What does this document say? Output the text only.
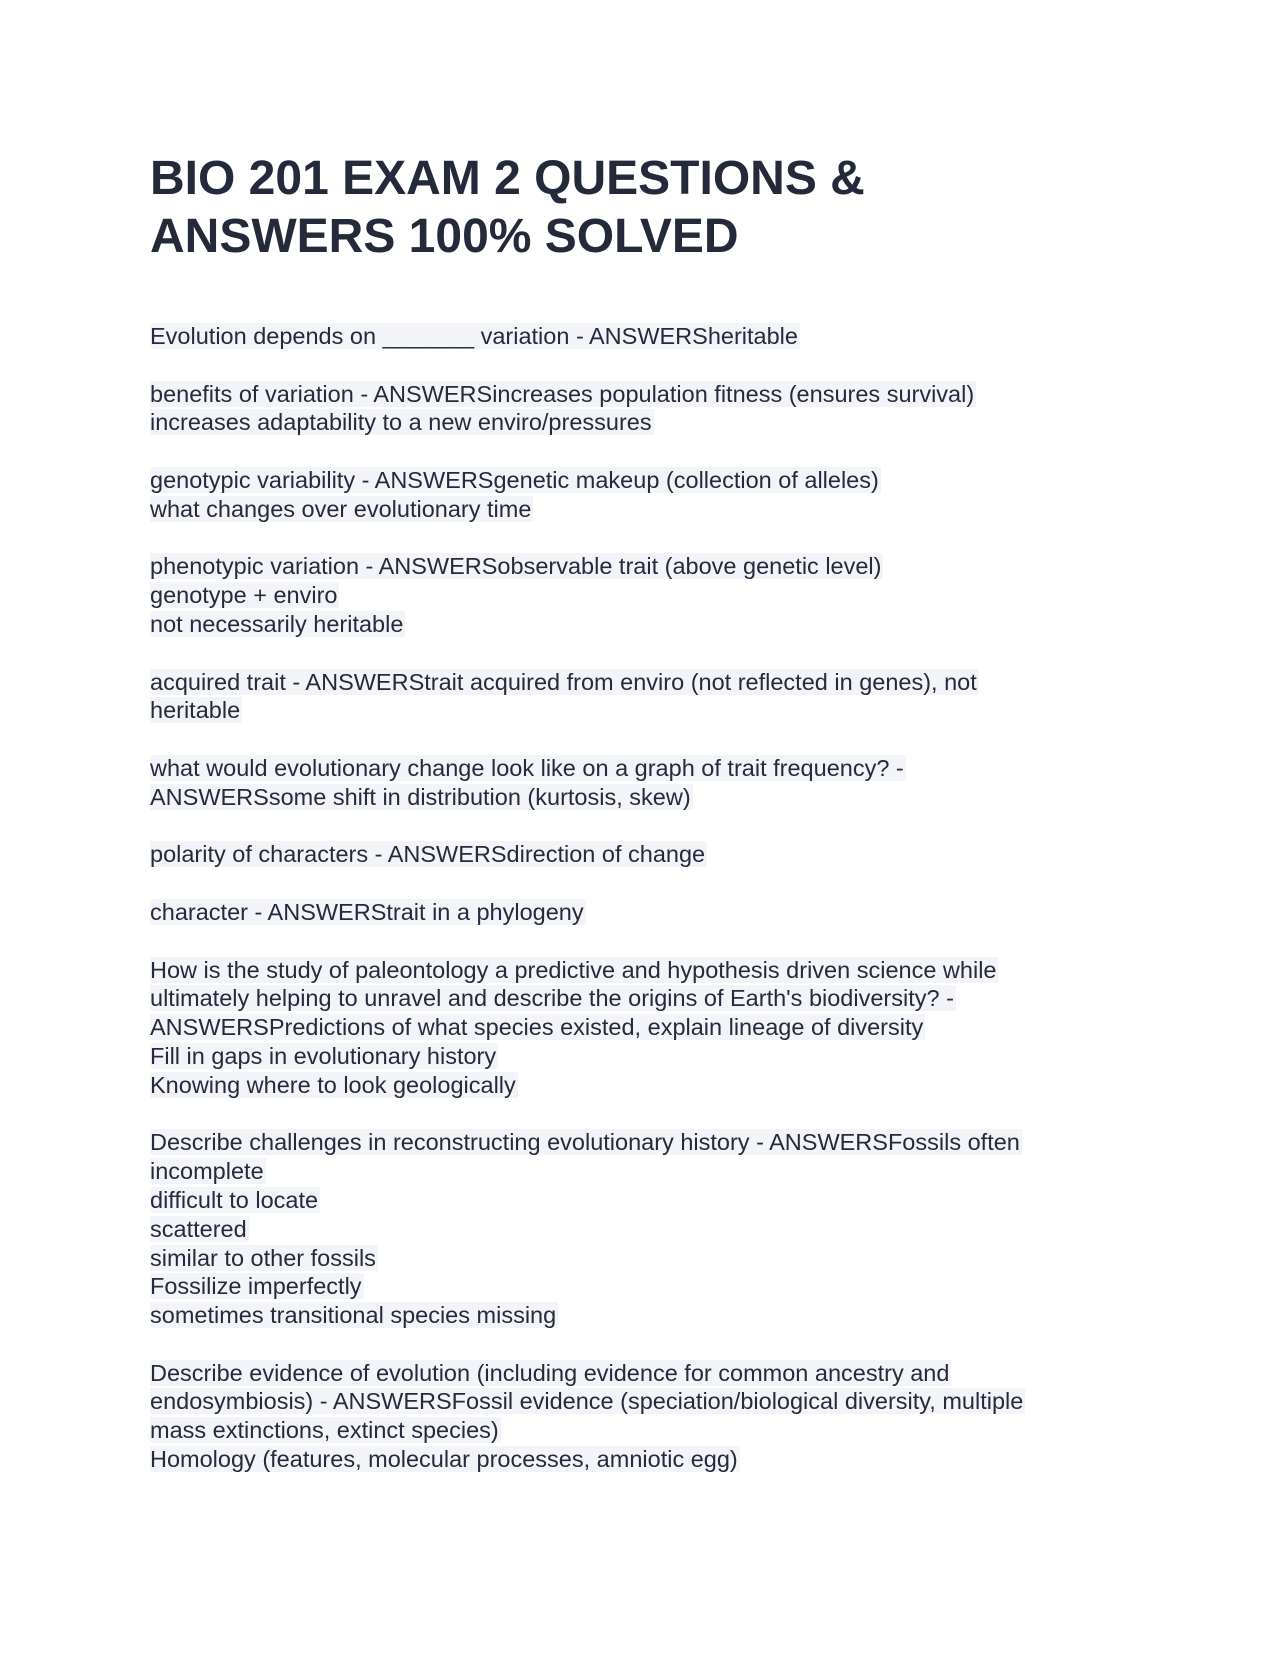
BIO 201 EXAM 2 QUESTIONS &
ANSWERS 100% SOLVED
Evolution depends on _______ variation - ANSWERSheritable
benefits of variation - ANSWERSincreases population fitness (ensures survival)
increases adaptability to a new enviro/pressures
genotypic variability - ANSWERSgenetic makeup (collection of alleles)
what changes over evolutionary time
phenotypic variation - ANSWERSobservable trait (above genetic level)
genotype + enviro
not necessarily heritable
acquired trait - ANSWERStrait acquired from enviro (not reflected in genes), not
heritable
what would evolutionary change look like on a graph of trait frequency? -
ANSWERSsome shift in distribution (kurtosis, skew)
polarity of characters - ANSWERSdirection of change
character - ANSWERStrait in a phylogeny
How is the study of paleontology a predictive and hypothesis driven science while
ultimately helping to unravel and describe the origins of Earth's biodiversity? -
ANSWERSPredictions of what species existed, explain lineage of diversity
Fill in gaps in evolutionary history
Knowing where to look geologically
Describe challenges in reconstructing evolutionary history - ANSWERSFossils often
incomplete
difficult to locate
scattered
similar to other fossils
Fossilize imperfectly
sometimes transitional species missing
Describe evidence of evolution (including evidence for common ancestry and
endosymbiosis) - ANSWERSFossil evidence (speciation/biological diversity, multiple
mass extinctions, extinct species)
Homology (features, molecular processes, amniotic egg)
